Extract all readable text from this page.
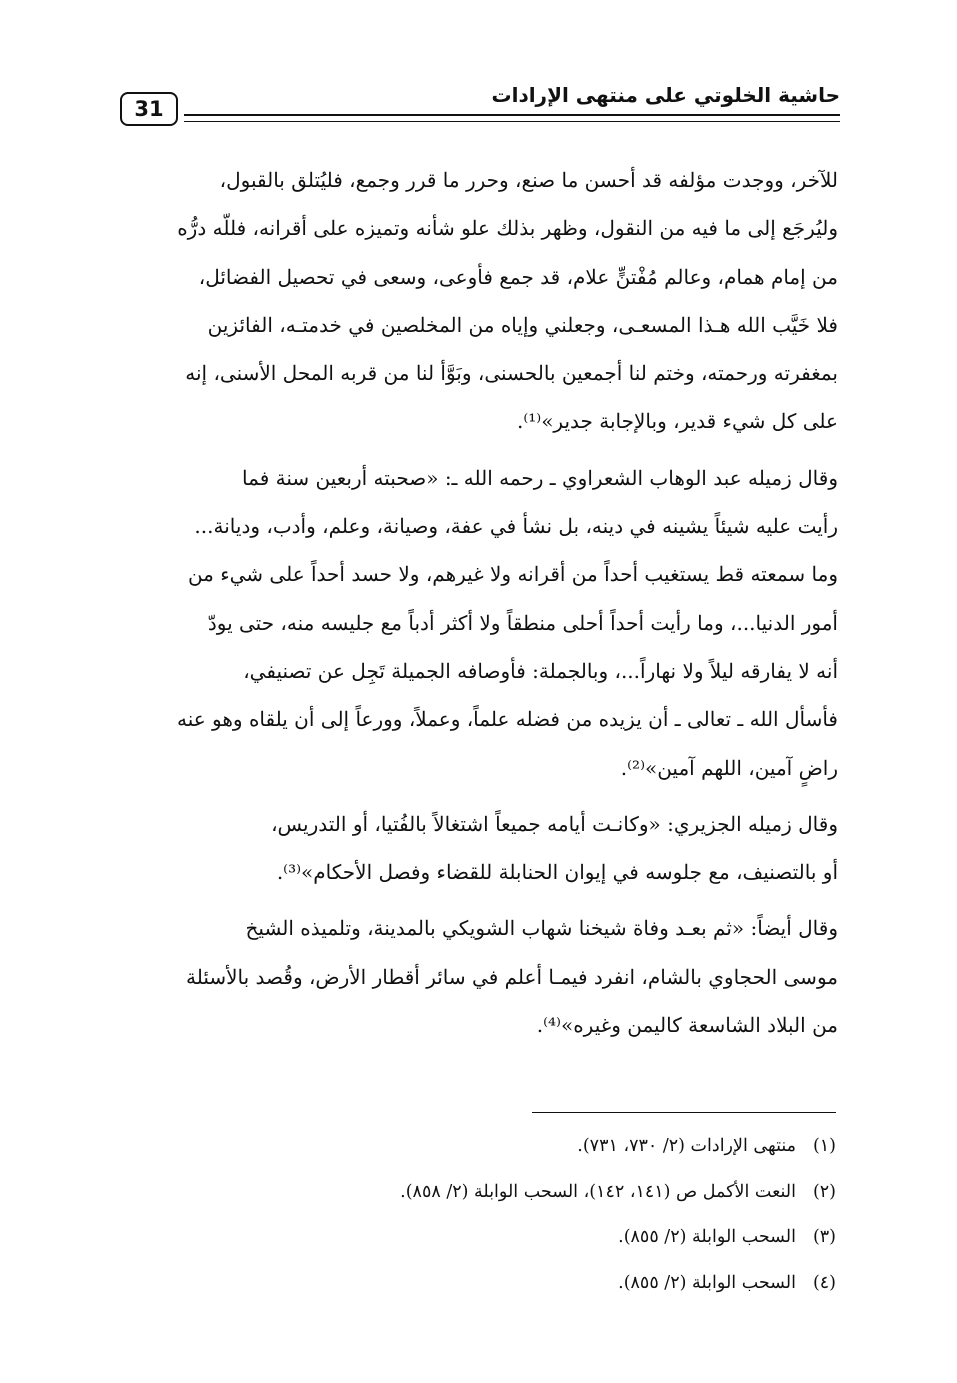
31
حاشية الخلوتي على منتهى الإرادات

للآخر، ووجدت مؤلفه قد أحسن ما صنع، وحرر ما قرر وجمع، فليُتلق بالقبول،
وليُرجَع إلى ما فيه من النقول، وظهر بذلك علو شأنه وتميزه على أقرانه، فللّه درُّه
من إمام همام، وعالم مُفْتنٍّ علام، قد جمع فأوعى، وسعى في تحصيل الفضائل،
فلا خَيَّب الله هـذا المسعـى، وجعلني وإياه من المخلصين في خدمتـه، الفائزين
بمغفرته ورحمته، وختم لنا أجمعين بالحسنى، وبَوَّأ لنا من قربه المحل الأسنى، إنه
على كل شيء قدير، وبالإجابة جدير»⁽¹⁾.

وقال زميله عبد الوهاب الشعراوي ـ رحمه الله ـ: «صحبته أربعين سنة فما
رأيت عليه شيئاً يشينه في دينه، بل نشأ في عفة، وصيانة، وعلم، وأدب، وديانة...
وما سمعته قط يستغيب أحداً من أقرانه ولا غيرهم، ولا حسد أحداً على شيء من
أمور الدنيا...، وما رأيت أحداً أحلى منطقاً ولا أكثر أدباً مع جليسه منه، حتى يودّ
أنه لا يفارقه ليلاً ولا نهاراً...، وبالجملة: فأوصافه الجميلة تَجِل عن تصنيفي،
فأسأل الله ـ تعالى ـ أن يزيده من فضله علماً، وعملاً، وورعاً إلى أن يلقاه وهو عنه
راضٍ آمين، اللهم آمين»⁽²⁾.

وقال زميله الجزيري: «وكانـت أيامه جميعاً اشتغالاً بالفُتيا، أو التدريس،
أو بالتصنيف، مع جلوسه في إيوان الحنابلة للقضاء وفصل الأحكام»⁽³⁾.

وقال أيضاً: «ثم بعـد وفاة شيخنا شهاب الشويكي بالمدينة، وتلميذه الشيخ
موسى الحجاوي بالشام، انفرد فيمـا أعلم في سائر أقطار الأرض، وقُصد بالأسئلة
من البلاد الشاسعة كاليمن وغيره»⁽⁴⁾.

(١)منتهى الإرادات (٢/ ٧٣٠، ٧٣١).
(٢)النعت الأكمل ص (١٤١، ١٤٢)، السحب الوابلة (٢/ ٨٥٨).
(٣)السحب الوابلة (٢/ ٨٥٥).
(٤)السحب الوابلة (٢/ ٨٥٥).
